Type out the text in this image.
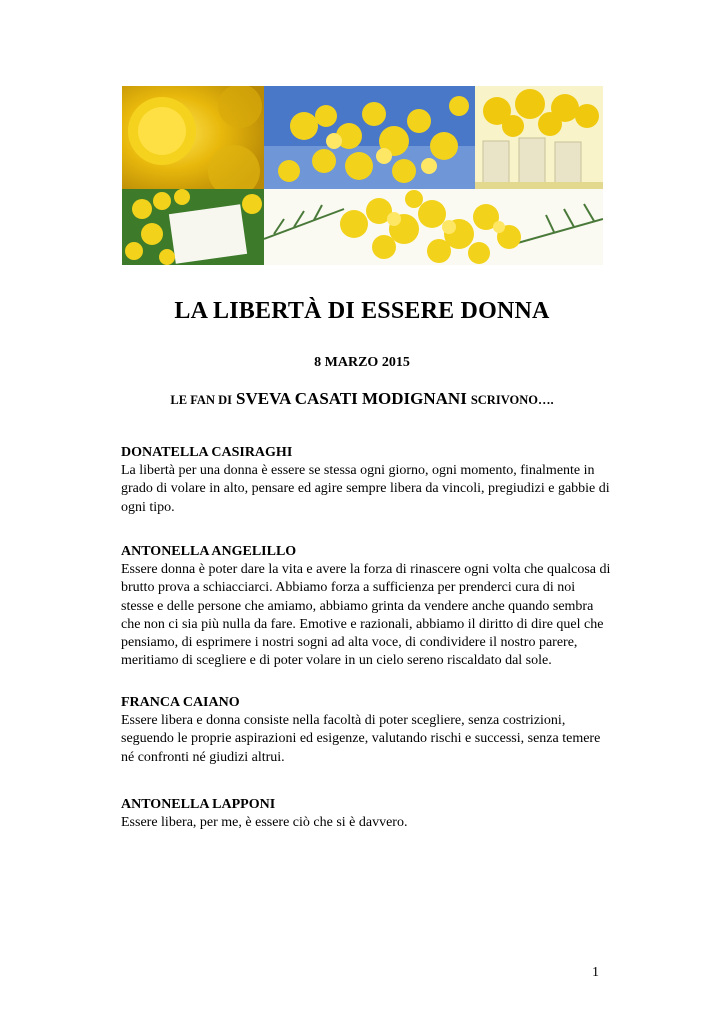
LA LIBERTÀ DI ESSERE DONNA
8 MARZO 2015
LE FAN DI SVEVA CASATI MODIGNANI SCRIVONO….
DONATELLA CASIRAGHI
La libertà per una donna è essere se stessa ogni giorno, ogni momento, finalmente in grado di volare in alto, pensare ed agire sempre libera da vincoli, pregiudizi e gabbie di ogni tipo.
ANTONELLA ANGELILLO
Essere donna è poter dare la vita e avere la forza di rinascere ogni volta che qualcosa di brutto prova a schiacciarci. Abbiamo forza a sufficienza per prenderci cura di noi stesse e delle persone che amiamo, abbiamo grinta da vendere anche quando sembra che non ci sia più nulla da fare. Emotive e razionali, abbiamo il diritto di dire quel che pensiamo, di esprimere i nostri sogni ad alta voce, di condividere il nostro parere, meritiamo di scegliere e di poter volare in un cielo sereno riscaldato dal sole.
FRANCA CAIANO
Essere libera e donna consiste nella facoltà di poter scegliere, senza costrizioni, seguendo le proprie aspirazioni ed esigenze, valutando rischi e successi, senza temere né confronti né giudizi altrui.
ANTONELLA LAPPONI
Essere libera, per me, è essere ciò che si è davvero.
1
